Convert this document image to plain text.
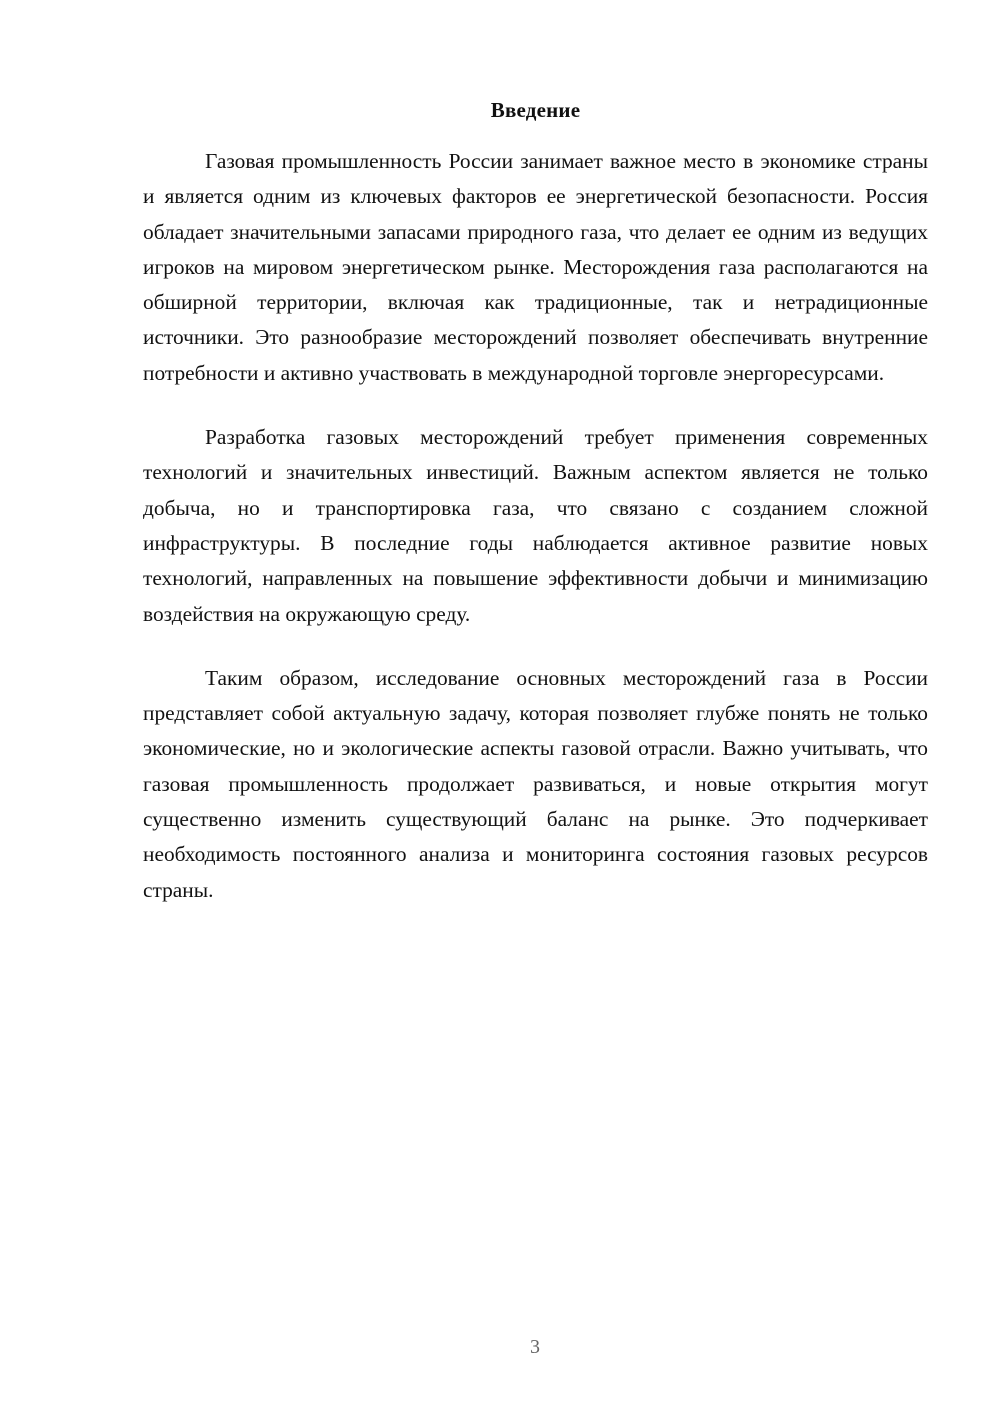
Введение

Газовая промышленность России занимает важное место в экономике страны и является одним из ключевых факторов ее энергетической безопасности. Россия обладает значительными запасами природного газа, что делает ее одним из ведущих игроков на мировом энергетическом рынке. Месторождения газа располагаются на обширной территории, включая как традиционные, так и нетрадиционные источники. Это разнообразие месторождений позволяет обеспечивать внутренние потребности и активно участвовать в международной торговле энергоресурсами.

Разработка газовых месторождений требует применения современных технологий и значительных инвестиций. Важным аспектом является не только добыча, но и транспортировка газа, что связано с созданием сложной инфраструктуры. В последние годы наблюдается активное развитие новых технологий, направленных на повышение эффективности добычи и минимизацию воздействия на окружающую среду.

Таким образом, исследование основных месторождений газа в России представляет собой актуальную задачу, которая позволяет глубже понять не только экономические, но и экологические аспекты газовой отрасли. Важно учитывать, что газовая промышленность продолжает развиваться, и новые открытия могут существенно изменить существующий баланс на рынке. Это подчеркивает необходимость постоянного анализа и мониторинга состояния газовых ресурсов страны.

3
